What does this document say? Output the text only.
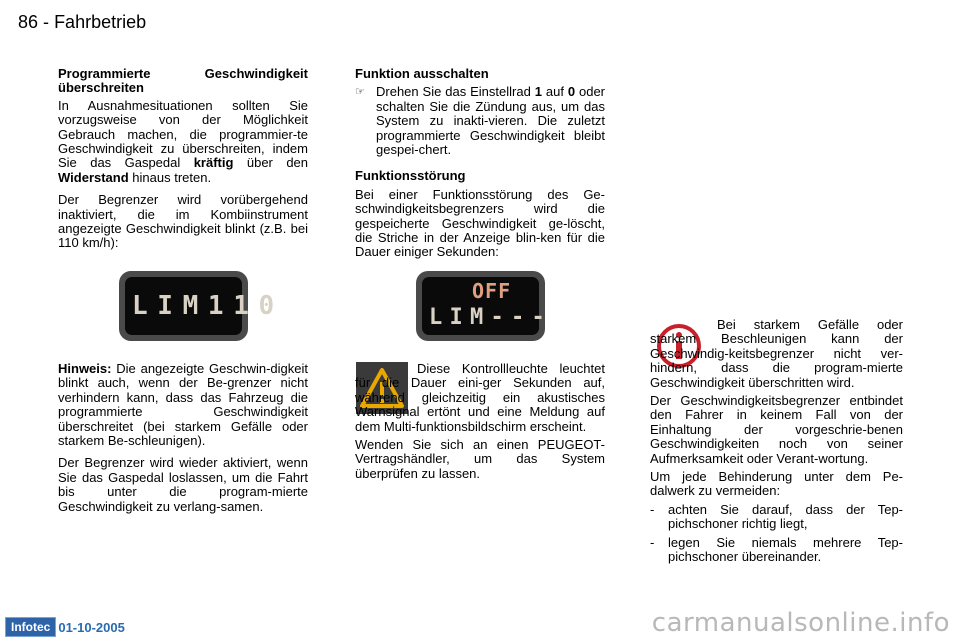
86 - Fahrbetrieb

Programmierte Geschwindigkeit überschreiten

In Ausnahmesituationen sollten Sie vorzugsweise von der Möglichkeit Gebrauch machen, die programmier-te Geschwindigkeit zu überschreiten, indem Sie das Gaspedal kräftig über den Widerstand hinaus treten.

Der Begrenzer wird vorübergehend inaktiviert, die im Kombiinstrument angezeigte Geschwindigkeit blinkt (z.B. bei 110 km/h):

L I M 1 1 0

Hinweis: Die angezeigte Geschwin-digkeit blinkt auch, wenn der Be-grenzer nicht verhindern kann, dass das Fahrzeug die programmierte Geschwindigkeit überschreitet (bei starkem Gefälle oder starkem Be-schleunigen).

Der Begrenzer wird wieder aktiviert, wenn Sie das Gaspedal loslassen, um die Fahrt bis unter die program-mierte Geschwindigkeit zu verlang-samen.

Funktion ausschalten

☞ Drehen Sie das Einstellrad 1 auf 0 oder schalten Sie die Zündung aus, um das System zu inakti-vieren. Die zuletzt programmierte Geschwindigkeit bleibt gespei-chert.

Funktionsstörung

Bei einer Funktionsstörung des Ge-schwindigkeitsbegrenzers wird die gespeicherte Geschwindigkeit ge-löscht, die Striche in der Anzeige blin-ken für die Dauer einiger Sekunden:

OFF
L I M - - -

Diese Kontrollleuchte leuchtet für die Dauer eini-ger Sekunden auf, während gleichzeitig ein akustisches Warnsignal ertönt und eine Meldung auf dem Multi-funktionsbildschirm erscheint.

Wenden Sie sich an einen PEUGEOT-Vertragshändler, um das System überprüfen zu lassen.

Bei starkem Gefälle oder starkem Beschleunigen kann der Geschwindig-keitsbegrenzer nicht ver-hindern, dass die program-mierte Geschwindigkeit überschritten wird.

Der Geschwindigkeitsbegrenzer entbindet den Fahrer in keinem Fall von der Einhaltung der vorgeschrie-benen Geschwindigkeiten noch von seiner Aufmerksamkeit oder Verant-wortung.

Um jede Behinderung unter dem Pe-dalwerk zu vermeiden:

-	achten Sie darauf, dass der Tep-pichschoner richtig liegt,
-	legen Sie niemals mehrere Tep-pichschoner übereinander.
Infotec 01-10-2005	carmanualsonline.info
